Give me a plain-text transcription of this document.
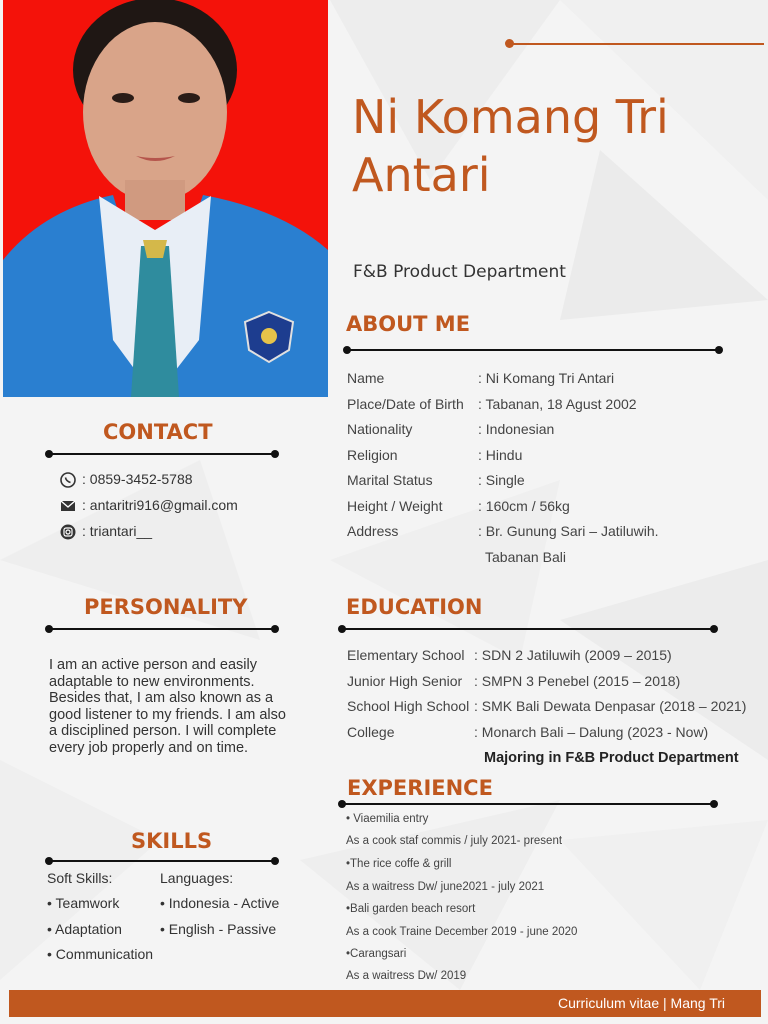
Ni Komang Tri
Antari
F&B Product Department
ABOUT ME
Name	: Ni Komang Tri Antari
Place/Date of Birth : Tabanan, 18 Agust 2002
Nationality	: Indonesian
Religion	: Hindu
Marital Status	: Single
Height / Weight	: 160cm / 56kg
Address	: Br. Gunung Sari – Jatiluwih.
Tabanan Bali
CONTACT
: 0859-3452-5788
: antaritri916@gmail.com
: triantari__
PERSONALITY
I am an active person and easily adaptable to new environments. Besides that, I am also known as a good listener to my friends. I am also a disciplined person. I will complete every job properly and on time.
EDUCATION
Elementary School : SDN 2 Jatiluwih (2009 – 2015)
Junior High Senior : SMPN 3 Penebel (2015 – 2018)
School High School : SMK Bali Dewata Denpasar (2018 – 2021)
College	: Monarch Bali – Dalung (2023 - Now)
Majoring in F&B Product Department
EXPERIENCE
• Viaemilia entry
As a cook staf commis / july 2021- present
•The rice coffe & grill
As a waitress Dw/ june2021 - july 2021
•Bali garden beach resort
As a cook Traine December 2019 - june 2020
•Carangsari
As a waitress Dw/ 2019
SKILLS
Soft Skills:
• Teamwork
• Adaptation
• Communication
Languages:
• Indonesia - Active
• English - Passive
Curriculum vitae | Mang Tri
